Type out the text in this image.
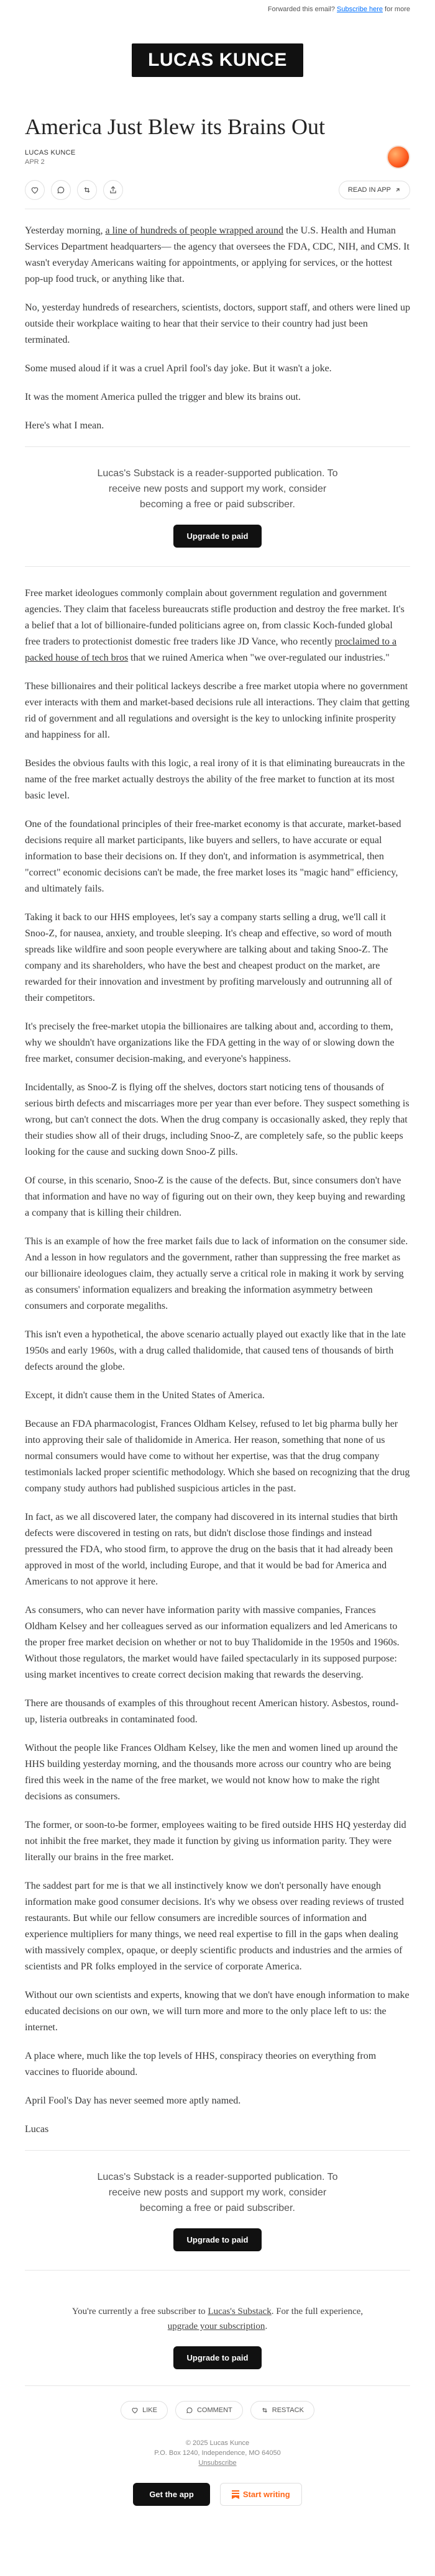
Forwarded this email? Subscribe here for more
LUCAS KUNCE
America Just Blew its Brains Out
LUCAS KUNCE
APR 2
READ IN APP

Yesterday morning, a line of hundreds of people wrapped around the U.S. Health and Human Services Department headquarters— the agency that oversees the FDA, CDC, NIH, and CMS. It wasn't everyday Americans waiting for appointments, or applying for services, or the hottest pop-up food truck, or anything like that.

No, yesterday hundreds of researchers, scientists, doctors, support staff, and others were lined up outside their workplace waiting to hear that their service to their country had just been terminated.

Some mused aloud if it was a cruel April fool's day joke. But it wasn't a joke.

It was the moment America pulled the trigger and blew its brains out.

Here's what I mean.

Lucas's Substack is a reader-supported publication. To receive new posts and support my work, consider becoming a free or paid subscriber.
Upgrade to paid

Free market ideologues commonly complain about government regulation and government agencies. They claim that faceless bureaucrats stifle production and destroy the free market. It's a belief that a lot of billionaire-funded politicians agree on, from classic Koch-funded global free traders to protectionist domestic free traders like JD Vance, who recently proclaimed to a packed house of tech bros that we ruined America when "we over-regulated our industries."

These billionaires and their political lackeys describe a free market utopia where no government ever interacts with them and market-based decisions rule all interactions. They claim that getting rid of government and all regulations and oversight is the key to unlocking infinite prosperity and happiness for all.

Besides the obvious faults with this logic, a real irony of it is that eliminating bureaucrats in the name of the free market actually destroys the ability of the free market to function at its most basic level.

One of the foundational principles of their free-market economy is that accurate, market-based decisions require all market participants, like buyers and sellers, to have accurate or equal information to base their decisions on. If they don't, and information is asymmetrical, then "correct" economic decisions can't be made, the free market loses its "magic hand" efficiency, and ultimately fails.

Taking it back to our HHS employees, let's say a company starts selling a drug, we'll call it Snoo-Z, for nausea, anxiety, and trouble sleeping. It's cheap and effective, so word of mouth spreads like wildfire and soon people everywhere are talking about and taking Snoo-Z. The company and its shareholders, who have the best and cheapest product on the market, are rewarded for their innovation and investment by profiting marvelously and outrunning all of their competitors.

It's precisely the free-market utopia the billionaires are talking about and, according to them, why we shouldn't have organizations like the FDA getting in the way of or slowing down the free market, consumer decision-making, and everyone's happiness.

Incidentally, as Snoo-Z is flying off the shelves, doctors start noticing tens of thousands of serious birth defects and miscarriages more per year than ever before. They suspect something is wrong, but can't connect the dots. When the drug company is occasionally asked, they reply that their studies show all of their drugs, including Snoo-Z, are completely safe, so the public keeps looking for the cause and sucking down Snoo-Z pills.

Of course, in this scenario, Snoo-Z is the cause of the defects. But, since consumers don't have that information and have no way of figuring out on their own, they keep buying and rewarding a company that is killing their children.

This is an example of how the free market fails due to lack of information on the consumer side. And a lesson in how regulators and the government, rather than suppressing the free market as our billionaire ideologues claim, they actually serve a critical role in making it work by serving as consumers' information equalizers and breaking the information asymmetry between consumers and corporate megaliths.

This isn't even a hypothetical, the above scenario actually played out exactly like that in the late 1950s and early 1960s, with a drug called thalidomide, that caused tens of thousands of birth defects around the globe.

Except, it didn't cause them in the United States of America.

Because an FDA pharmacologist, Frances Oldham Kelsey, refused to let big pharma bully her into approving their sale of thalidomide in America. Her reason, something that none of us normal consumers would have come to without her expertise, was that the drug company testimonials lacked proper scientific methodology. Which she based on recognizing that the drug company study authors had published suspicious articles in the past.

In fact, as we all discovered later, the company had discovered in its internal studies that birth defects were discovered in testing on rats, but didn't disclose those findings and instead pressured the FDA, who stood firm, to approve the drug on the basis that it had already been approved in most of the world, including Europe, and that it would be bad for America and Americans to not approve it here.

As consumers, who can never have information parity with massive companies, Frances Oldham Kelsey and her colleagues served as our information equalizers and led Americans to the proper free market decision on whether or not to buy Thalidomide in the 1950s and 1960s. Without those regulators, the market would have failed spectacularly in its supposed purpose: using market incentives to create correct decision making that rewards the deserving.

There are thousands of examples of this throughout recent American history. Asbestos, round-up, listeria outbreaks in contaminated food.

Without the people like Frances Oldham Kelsey, like the men and women lined up around the HHS building yesterday morning, and the thousands more across our country who are being fired this week in the name of the free market, we would not know how to make the right decisions as consumers.

The former, or soon-to-be former, employees waiting to be fired outside HHS HQ yesterday did not inhibit the free market, they made it function by giving us information parity. They were literally our brains in the free market.

The saddest part for me is that we all instinctively know we don't personally have enough information make good consumer decisions. It's why we obsess over reading reviews of trusted restaurants. But while our fellow consumers are incredible sources of information and experience multipliers for many things, we need real expertise to fill in the gaps when dealing with massively complex, opaque, or deeply scientific products and industries and the armies of scientists and PR folks employed in the service of corporate America.

Without our own scientists and experts, knowing that we don't have enough information to make educated decisions on our own, we will turn more and more to the only place left to us: the internet.

A place where, much like the top levels of HHS, conspiracy theories on everything from vaccines to fluoride abound.

April Fool's Day has never seemed more aptly named.

Lucas

Lucas's Substack is a reader-supported publication. To receive new posts and support my work, consider becoming a free or paid subscriber.
Upgrade to paid
You're currently a free subscriber to Lucas's Substack. For the full experience, upgrade your subscription.
Upgrade to paid
LIKE	COMMENT	RESTACK
© 2025 Lucas Kunce
P.O. Box 1240, Independence, MO 64050
Unsubscribe
Get the app	Start writing
